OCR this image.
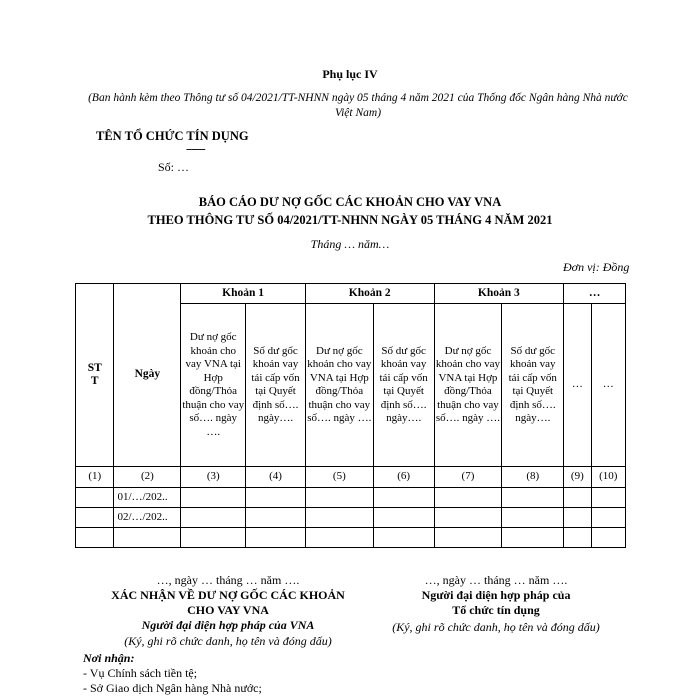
Phụ lục IV
(Ban hành kèm theo Thông tư số 04/2021/TT-NHNN ngày 05 tháng 4 năm 2021 của Thống đốc Ngân hàng Nhà nước Việt Nam)
TÊN TỔ CHỨC TÍN DỤNG
-------
Số: …
BÁO CÁO DƯ NỢ GỐC CÁC KHOẢN CHO VAY VNA
THEO THÔNG TƯ SỐ 04/2021/TT-NHNN NGÀY 05 THÁNG 4 NĂM 2021
Tháng … năm…
Đơn vị: Đồng
STT	Ngày	Khoản 1		Khoản 2		Khoản 3		…	
		Dư nợ gốc khoản cho vay VNA tại Hợp đồng/Thỏa thuận cho vay số…. ngày ….	Số dư gốc khoản vay tái cấp vốn tại Quyết định số…. ngày….	Dư nợ gốc khoản cho vay VNA tại Hợp đồng/Thỏa thuận cho vay số…. ngày ….	Số dư gốc khoản vay tái cấp vốn tại Quyết định số…. ngày….	Dư nợ gốc khoản cho vay VNA tại Hợp đồng/Thỏa thuận cho vay số…. ngày ….	Số dư gốc khoản vay tái cấp vốn tại Quyết định số…. ngày….	…	…
(1)	(2)	(3)	(4)	(5)	(6)	(7)	(8)	(9)	(10)
	01/…/202..								
	02/…/202..								

…, ngày … tháng … năm ….
XÁC NHẬN VỀ DƯ NỢ GỐC CÁC KHOẢN
CHO VAY VNA
Người đại diện hợp pháp của VNA
(Ký, ghi rõ chức danh, họ tên và đóng dấu)
…, ngày … tháng … năm ….
Người đại diện hợp pháp của
Tổ chức tín dụng
(Ký, ghi rõ chức danh, họ tên và đóng dấu)
Nơi nhận:
- Vụ Chính sách tiền tệ;
- Sở Giao dịch Ngân hàng Nhà nước;
